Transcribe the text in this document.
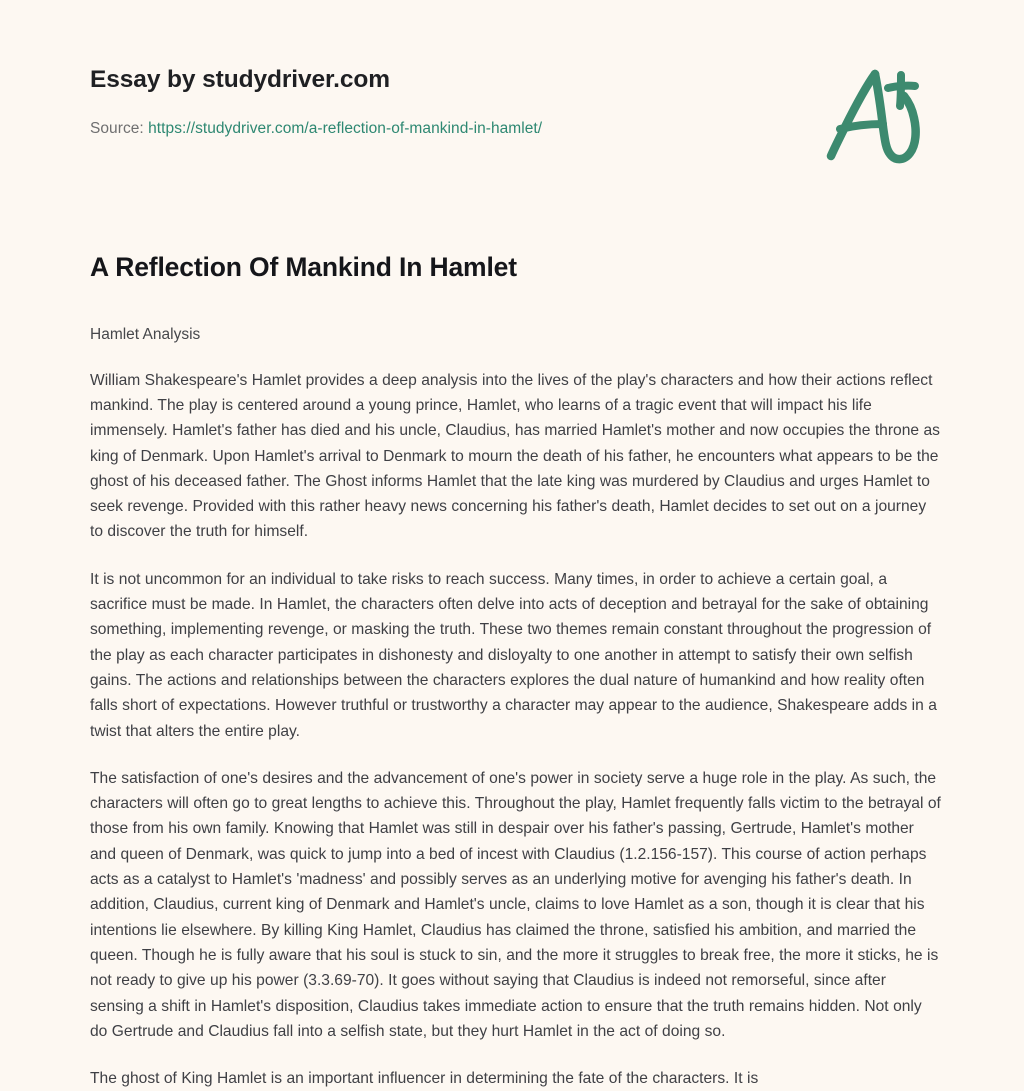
Essay by studydriver.com
Source: https://studydriver.com/a-reflection-of-mankind-in-hamlet/
A Reflection Of Mankind In Hamlet
Hamlet Analysis

William Shakespeare's Hamlet provides a deep analysis into the lives of the play's characters and how their actions reflect mankind. The play is centered around a young prince, Hamlet, who learns of a tragic event that will impact his life immensely. Hamlet's father has died and his uncle, Claudius, has married Hamlet's mother and now occupies the throne as king of Denmark. Upon Hamlet's arrival to Denmark to mourn the death of his father, he encounters what appears to be the ghost of his deceased father. The Ghost informs Hamlet that the late king was murdered by Claudius and urges Hamlet to seek revenge. Provided with this rather heavy news concerning his father's death, Hamlet decides to set out on a journey to discover the truth for himself.

It is not uncommon for an individual to take risks to reach success. Many times, in order to achieve a certain goal, a sacrifice must be made. In Hamlet, the characters often delve into acts of deception and betrayal for the sake of obtaining something, implementing revenge, or masking the truth. These two themes remain constant throughout the progression of the play as each character participates in dishonesty and disloyalty to one another in attempt to satisfy their own selfish gains. The actions and relationships between the characters explores the dual nature of humankind and how reality often falls short of expectations. However truthful or trustworthy a character may appear to the audience, Shakespeare adds in a twist that alters the entire play.

The satisfaction of one's desires and the advancement of one's power in society serve a huge role in the play. As such, the characters will often go to great lengths to achieve this. Throughout the play, Hamlet frequently falls victim to the betrayal of those from his own family. Knowing that Hamlet was still in despair over his father's passing, Gertrude, Hamlet's mother and queen of Denmark, was quick to jump into a bed of incest with Claudius (1.2.156-157). This course of action perhaps acts as a catalyst to Hamlet's 'madness' and possibly serves as an underlying motive for avenging his father's death. In addition, Claudius, current king of Denmark and Hamlet's uncle, claims to love Hamlet as a son, though it is clear that his intentions lie elsewhere. By killing King Hamlet, Claudius has claimed the throne, satisfied his ambition, and married the queen. Though he is fully aware that his soul is stuck to sin, and the more it struggles to break free, the more it sticks, he is not ready to give up his power (3.3.69-70). It goes without saying that Claudius is indeed not remorseful, since after sensing a shift in Hamlet's disposition, Claudius takes immediate action to ensure that the truth remains hidden. Not only do Gertrude and Claudius fall into a selfish state, but they hurt Hamlet in the act of doing so.

The ghost of King Hamlet is an important influencer in determining the fate of the characters. It is
